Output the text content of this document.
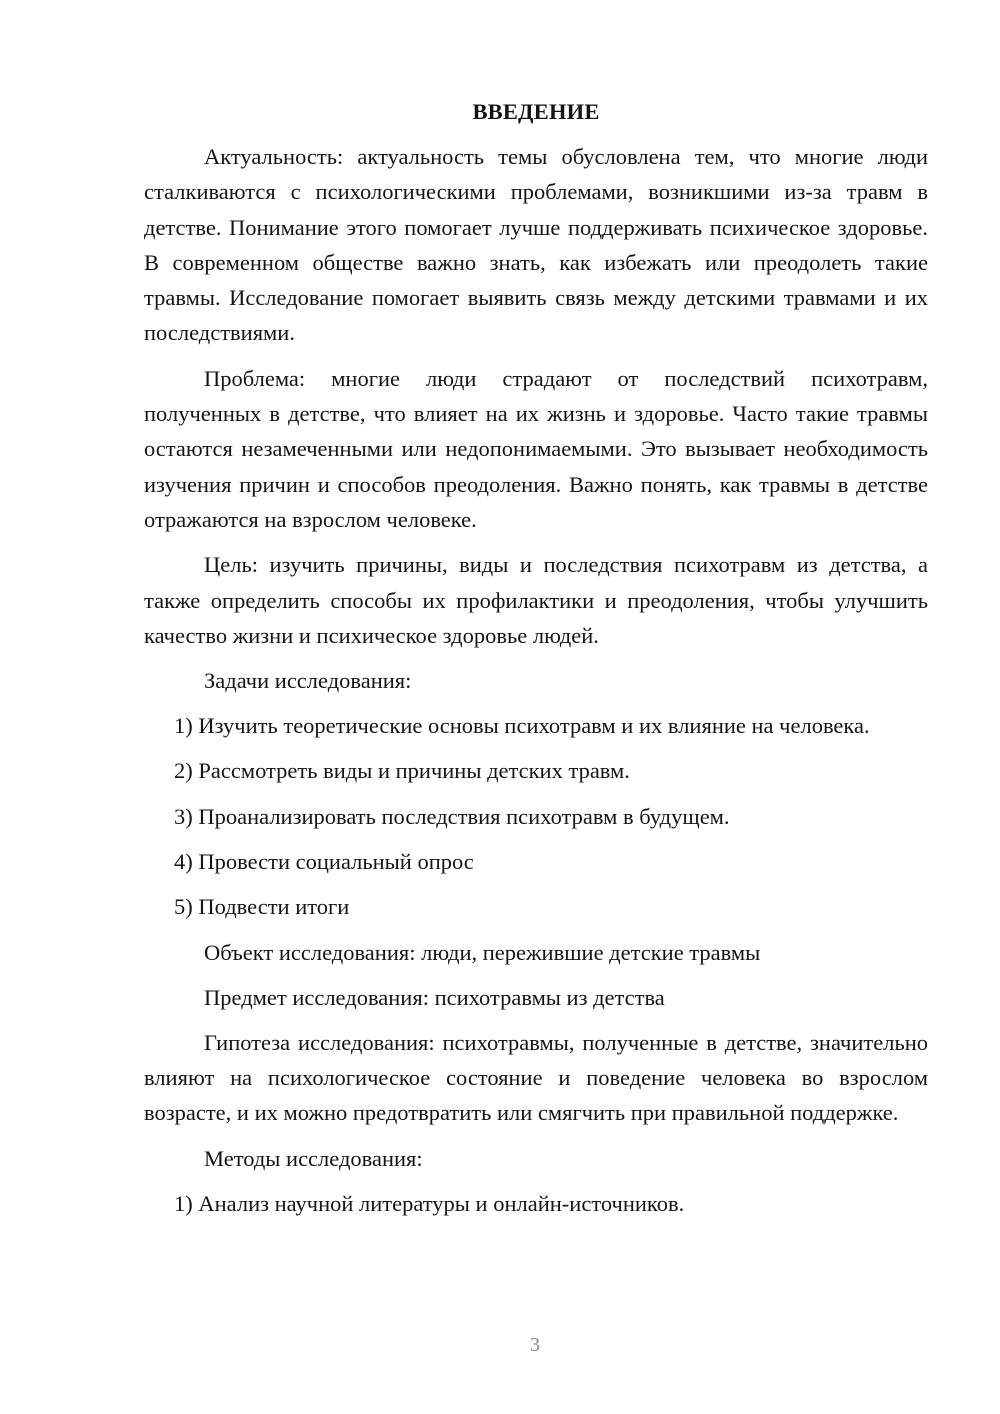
ВВЕДЕНИЕ

Актуальность: актуальность темы обусловлена тем, что многие люди сталкиваются с психологическими проблемами, возникшими из-за травм в детстве. Понимание этого помогает лучше поддерживать психическое здоровье. В современном обществе важно знать, как избежать или преодолеть такие травмы. Исследование помогает выявить связь между детскими травмами и их последствиями.

Проблема: многие люди страдают от последствий психотравм, полученных в детстве, что влияет на их жизнь и здоровье. Часто такие травмы остаются незамеченными или недопонимаемыми. Это вызывает необходимость изучения причин и способов преодоления. Важно понять, как травмы в детстве отражаются на взрослом человеке.

Цель: изучить причины, виды и последствия психотравм из детства, а также определить способы их профилактики и преодоления, чтобы улучшить качество жизни и психическое здоровье людей.

Задачи исследования:

1) Изучить теоретические основы психотравм и их влияние на человека.

2) Рассмотреть виды и причины детских травм.

3) Проанализировать последствия психотравм в будущем.

4) Провести социальный опрос

5) Подвести итоги

Объект исследования: люди, пережившие детские травмы

Предмет исследования: психотравмы из детства

Гипотеза исследования: психотравмы, полученные в детстве, значительно влияют на психологическое состояние и поведение человека во взрослом возрасте, и их можно предотвратить или смягчить при правильной поддержке.

Методы исследования:

1) Анализ научной литературы и онлайн-источников.

3
